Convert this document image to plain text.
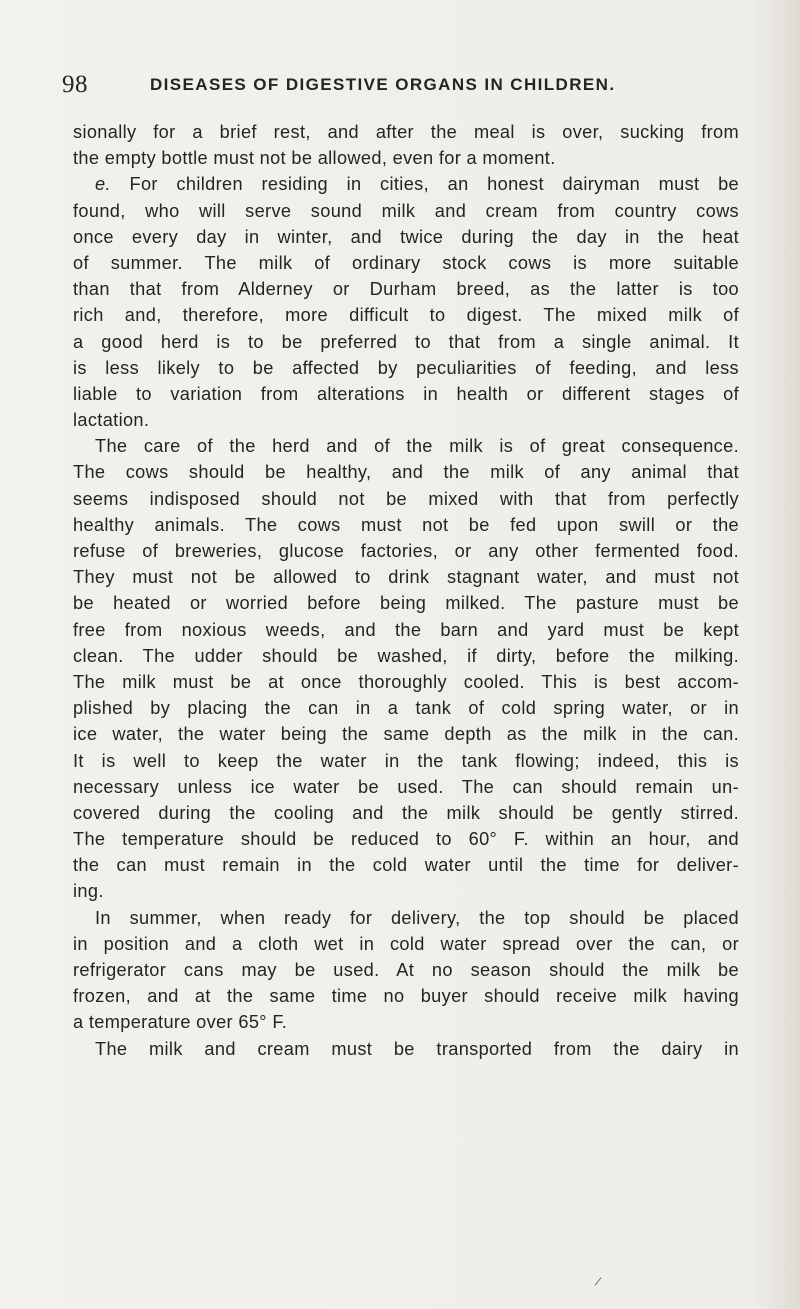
98	DISEASES OF DIGESTIVE ORGANS IN CHILDREN.
sionally for a brief rest, and after the meal is over, sucking from
the empty bottle must not be allowed, even for a moment.
e. For children residing in cities, an honest dairyman must be
found, who will serve sound milk and cream from country cows
once every day in winter, and twice during the day in the heat
of summer. The milk of ordinary stock cows is more suitable
than that from Alderney or Durham breed, as the latter is too
rich and, therefore, more difficult to digest. The mixed milk of
a good herd is to be preferred to that from a single animal. It
is less likely to be affected by peculiarities of feeding, and less
liable to variation from alterations in health or different stages of
lactation.
The care of the herd and of the milk is of great consequence.
The cows should be healthy, and the milk of any animal that
seems indisposed should not be mixed with that from perfectly
healthy animals. The cows must not be fed upon swill or the
refuse of breweries, glucose factories, or any other fermented food.
They must not be allowed to drink stagnant water, and must not
be heated or worried before being milked. The pasture must be
free from noxious weeds, and the barn and yard must be kept
clean. The udder should be washed, if dirty, before the milking.
The milk must be at once thoroughly cooled. This is best accom-
plished by placing the can in a tank of cold spring water, or in
ice water, the water being the same depth as the milk in the can.
It is well to keep the water in the tank flowing; indeed, this is
necessary unless ice water be used. The can should remain un-
covered during the cooling and the milk should be gently stirred.
The temperature should be reduced to 60° F. within an hour, and
the can must remain in the cold water until the time for deliver-
ing.
In summer, when ready for delivery, the top should be placed
in position and a cloth wet in cold water spread over the can, or
refrigerator cans may be used. At no season should the milk be
frozen, and at the same time no buyer should receive milk having
a temperature over 65° F.
The milk and cream must be transported from the dairy in
